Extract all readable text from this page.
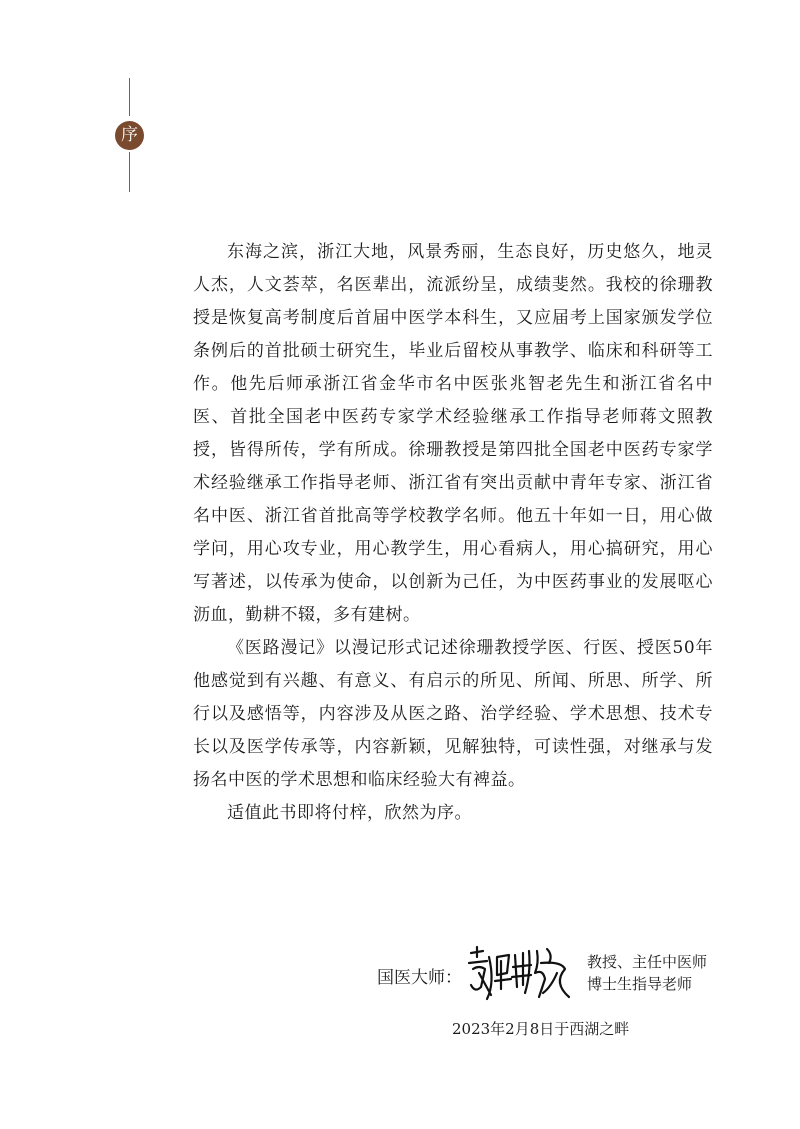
序

东海之滨，浙江大地，风景秀丽，生态良好，历史悠久，地灵人杰，人文荟萃，名医辈出，流派纷呈，成绩斐然。我校的徐珊教授是恢复高考制度后首届中医学本科生，又应届考上国家颁发学位条例后的首批硕士研究生，毕业后留校从事教学、临床和科研等工作。他先后师承浙江省金华市名中医张兆智老先生和浙江省名中医、首批全国老中医药专家学术经验继承工作指导老师蒋文照教授，皆得所传，学有所成。徐珊教授是第四批全国老中医药专家学术经验继承工作指导老师、浙江省有突出贡献中青年专家、浙江省名中医、浙江省首批高等学校教学名师。他五十年如一日，用心做学问，用心攻专业，用心教学生，用心看病人，用心搞研究，用心写著述，以传承为使命，以创新为己任，为中医药事业的发展呕心沥血，勤耕不辍，多有建树。

《医路漫记》以漫记形式记述徐珊教授学医、行医、授医50年他感觉到有兴趣、有意义、有启示的所见、所闻、所思、所学、所行以及感悟等，内容涉及从医之路、治学经验、学术思想、技术专长以及医学传承等，内容新颖，见解独特，可读性强，对继承与发扬名中医的学术思想和临床经验大有裨益。

适值此书即将付梓，欣然为序。

国医大师：
教授、主任中医师
博士生指导老师
2023年2月8日于西湖之畔
